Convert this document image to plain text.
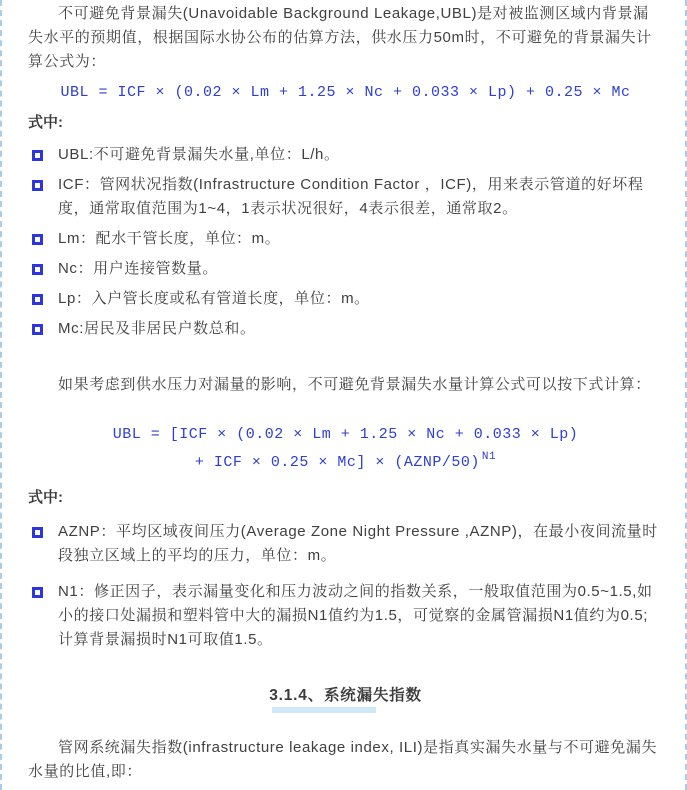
不可避免背景漏失(Unavoidable Background Leakage,UBL)是对被监测区域内背景漏失水平的预期值，根据国际水协公布的估算方法，供水压力50m时，不可避免的背景漏失计算公式为：

UBL = ICF × (0.02 × Lm + 1.25 × Nc + 0.033 × Lp) + 0.25 × Mc

式中:

UBL:不可避免背景漏失水量,单位：L/h。
ICF：管网状况指数(Infrastructure Condition Factor ，ICF)，用来表示管道的好坏程度，通常取值范围为1~4，1表示状况很好，4表示很差，通常取2。
Lm：配水干管长度，单位：m。
Nc：用户连接管数量。
Lp：入户管长度或私有管道长度，单位：m。
Mc:居民及非居民户数总和。

如果考虑到供水压力对漏量的影响，不可避免背景漏失水量计算公式可以按下式计算：

UBL = [ICF × (0.02 × Lm + 1.25 × Nc + 0.033 × Lp)
+ ICF × 0.25 × Mc] × (AZNP/50) $^{N1}$

式中:

AZNP：平均区域夜间压力(Average Zone Night Pressure ,AZNP)，在最小夜间流量时段独立区域上的平均的压力，单位：m。
N1：修正因子，表示漏量变化和压力波动之间的指数关系，一般取值范围为0.5~1.5,如小的接口处漏损和塑料管中大的漏损N1值约为1.5，可觉察的金属管漏损N1值约为0.5;计算背景漏损时N1可取值1.5。
3.1.4、系统漏失指数

管网系统漏失指数(infrastructure leakage index, ILI)是指真实漏失水量与不可避免漏失水量的比值,即：
